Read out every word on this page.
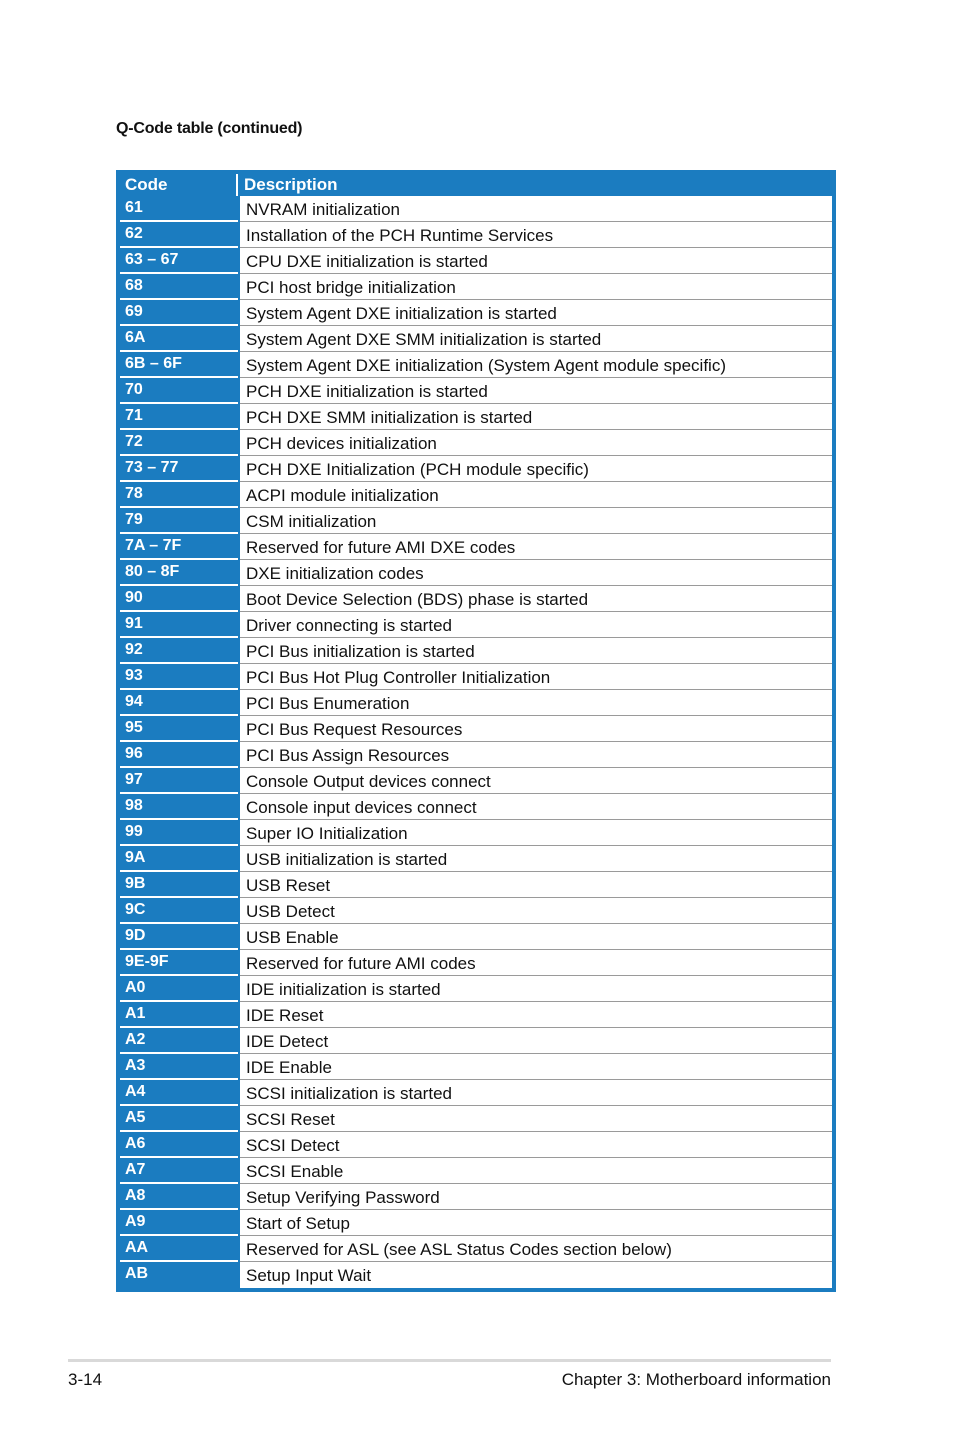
Q-Code table (continued)
Code	Description
61	NVRAM initialization
62	Installation of the PCH Runtime Services
63 – 67	CPU DXE initialization is started
68	PCI host bridge initialization
69	System Agent DXE initialization is started
6A	System Agent DXE SMM initialization is started
6B – 6F	System Agent DXE initialization (System Agent module specific)
70	PCH DXE initialization is started
71	PCH DXE SMM initialization is started
72	PCH devices initialization
73 – 77	PCH DXE Initialization (PCH module specific)
78	ACPI module initialization
79	CSM initialization
7A – 7F	Reserved for future AMI DXE codes
80 – 8F	DXE initialization codes
90	Boot Device Selection (BDS) phase is started
91	Driver connecting is started
92	PCI Bus initialization is started
93	PCI Bus Hot Plug Controller Initialization
94	PCI Bus Enumeration
95	PCI Bus Request Resources
96	PCI Bus Assign Resources
97	Console Output devices connect
98	Console input devices connect
99	Super IO Initialization
9A	USB initialization is started
9B	USB Reset
9C	USB Detect
9D	USB Enable
9E-9F	Reserved for future AMI codes
A0	IDE initialization is started
A1	IDE Reset
A2	IDE Detect
A3	IDE Enable
A4	SCSI initialization is started
A5	SCSI Reset
A6	SCSI Detect
A7	SCSI Enable
A8	Setup Verifying Password
A9	Start of Setup
AA	Reserved for ASL (see ASL Status Codes section below)
AB	Setup Input Wait
3-14	Chapter 3: Motherboard information
